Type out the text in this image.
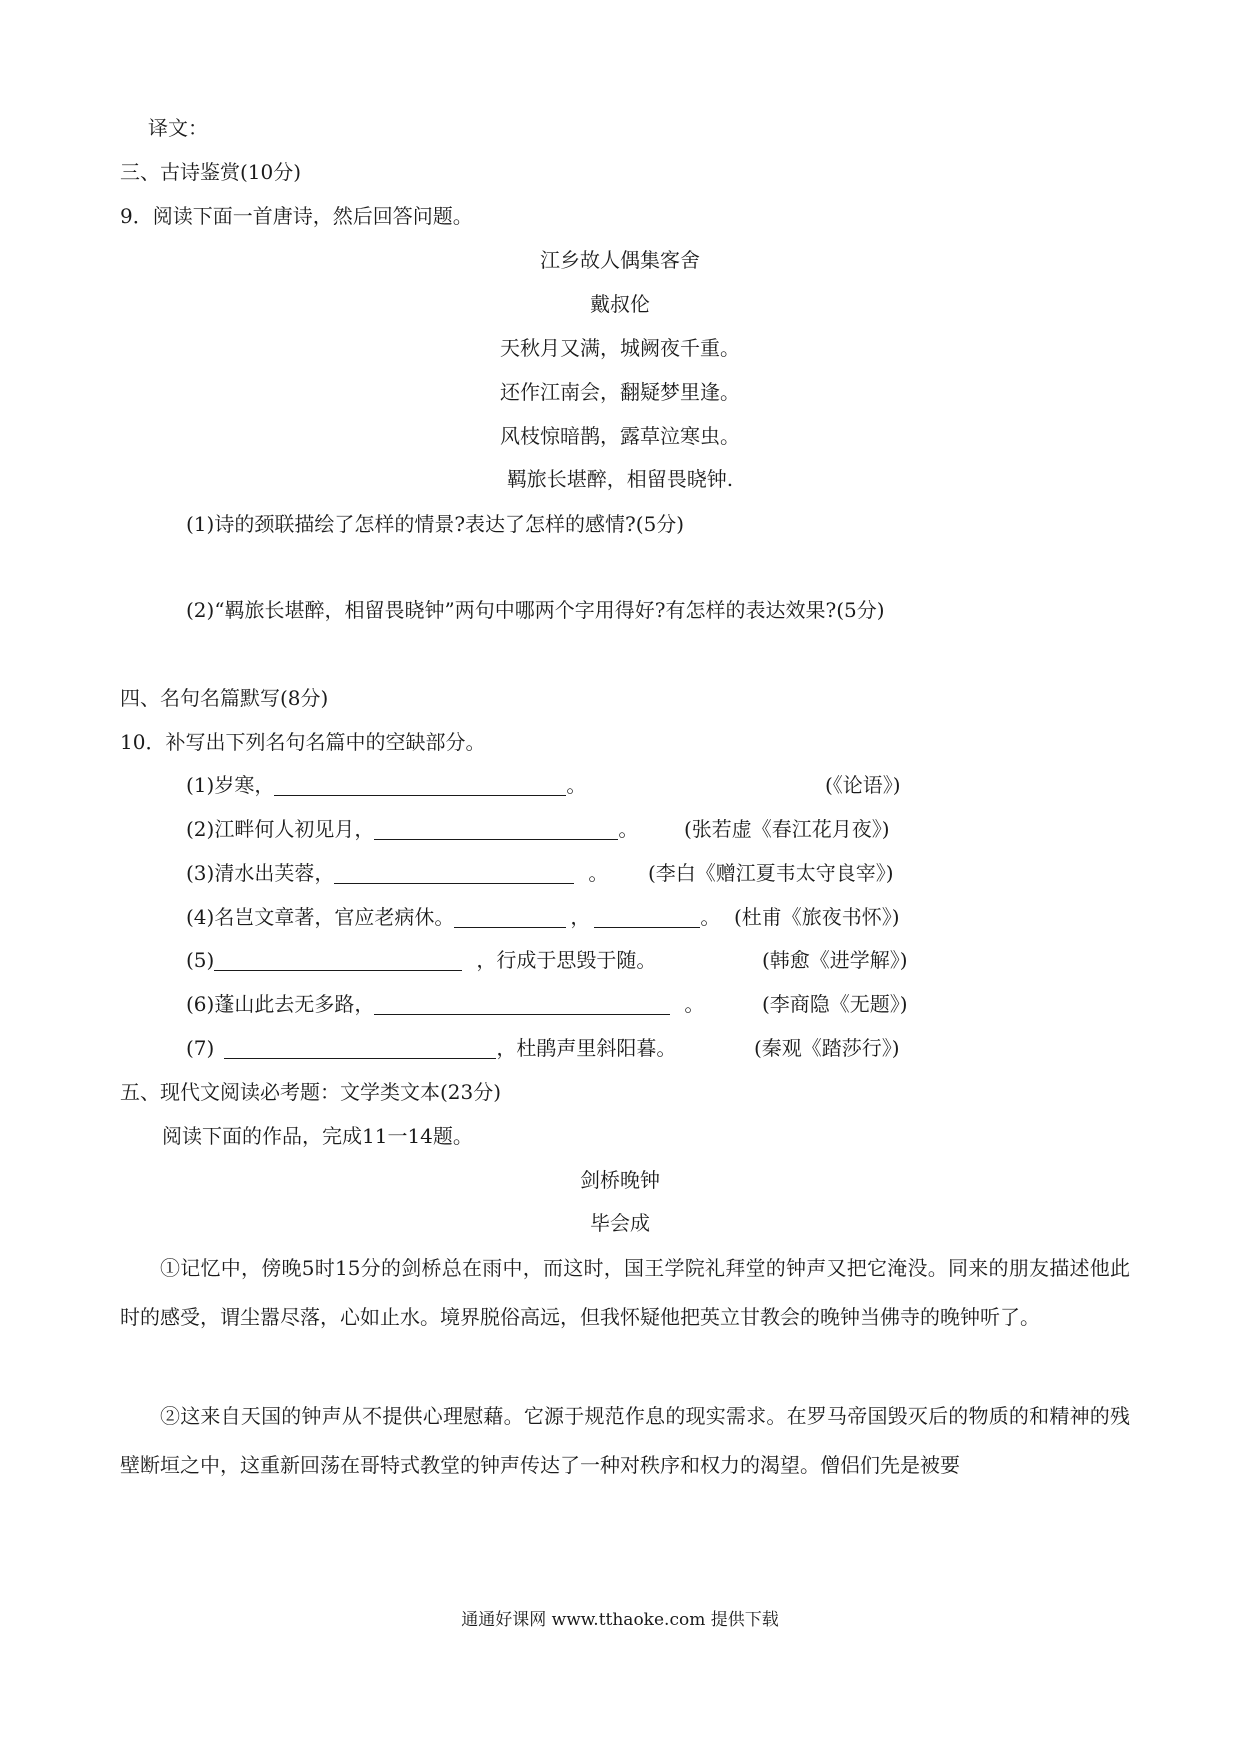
译文：
三、古诗鉴赏(10分)
9．阅读下面一首唐诗，然后回答问题。
江乡故人偶集客舍
戴叔伦
天秋月又满，城阙夜千重。
还作江南会，翻疑梦里逢。
风枝惊暗鹊，露草泣寒虫。
羁旅长堪醉，相留畏晓钟.
(1)诗的颈联描绘了怎样的情景?表达了怎样的感情?(5分)
(2)“羁旅长堪醉，相留畏晓钟”两句中哪两个字用得好?有怎样的表达效果?(5分)
四、名句名篇默写(8分)
10．补写出下列名句名篇中的空缺部分。
(1)岁寒，	。	(《论语》)
(2)江畔何人初见月，	。 (张若虚《春江花月夜》)
(3)清水出芙蓉，	。 (李白《赠江夏韦太守良宰》)
(4)名岂文章著，官应老病休。	，	。 (杜甫《旅夜书怀》)
(5)	，行成于思毁于随。	(韩愈《进学解》)
(6)蓬山此去无多路，	。	(李商隐《无题》)
(7)	，杜鹃声里斜阳暮。	(秦观《踏莎行》)
五、现代文阅读必考题：文学类文本(23分)
阅读下面的作品，完成11一14题。
剑桥晚钟
毕会成
①记忆中，傍晚5时15分的剑桥总在雨中，而这时，国王学院礼拜堂的钟声又把它淹没。同来的朋友描述他此时的感受，谓尘嚣尽落，心如止水。境界脱俗高远，但我怀疑他把英立甘教会的晚钟当佛寺的晚钟听了。
②这来自天国的钟声从不提供心理慰藉。它源于规范作息的现实需求。在罗马帝国毁灭后的物质的和精神的残壁断垣之中，这重新回荡在哥特式教堂的钟声传达了一种对秩序和权力的渴望。僧侣们先是被要
通通好课网 www.tthaoke.com 提供下载
